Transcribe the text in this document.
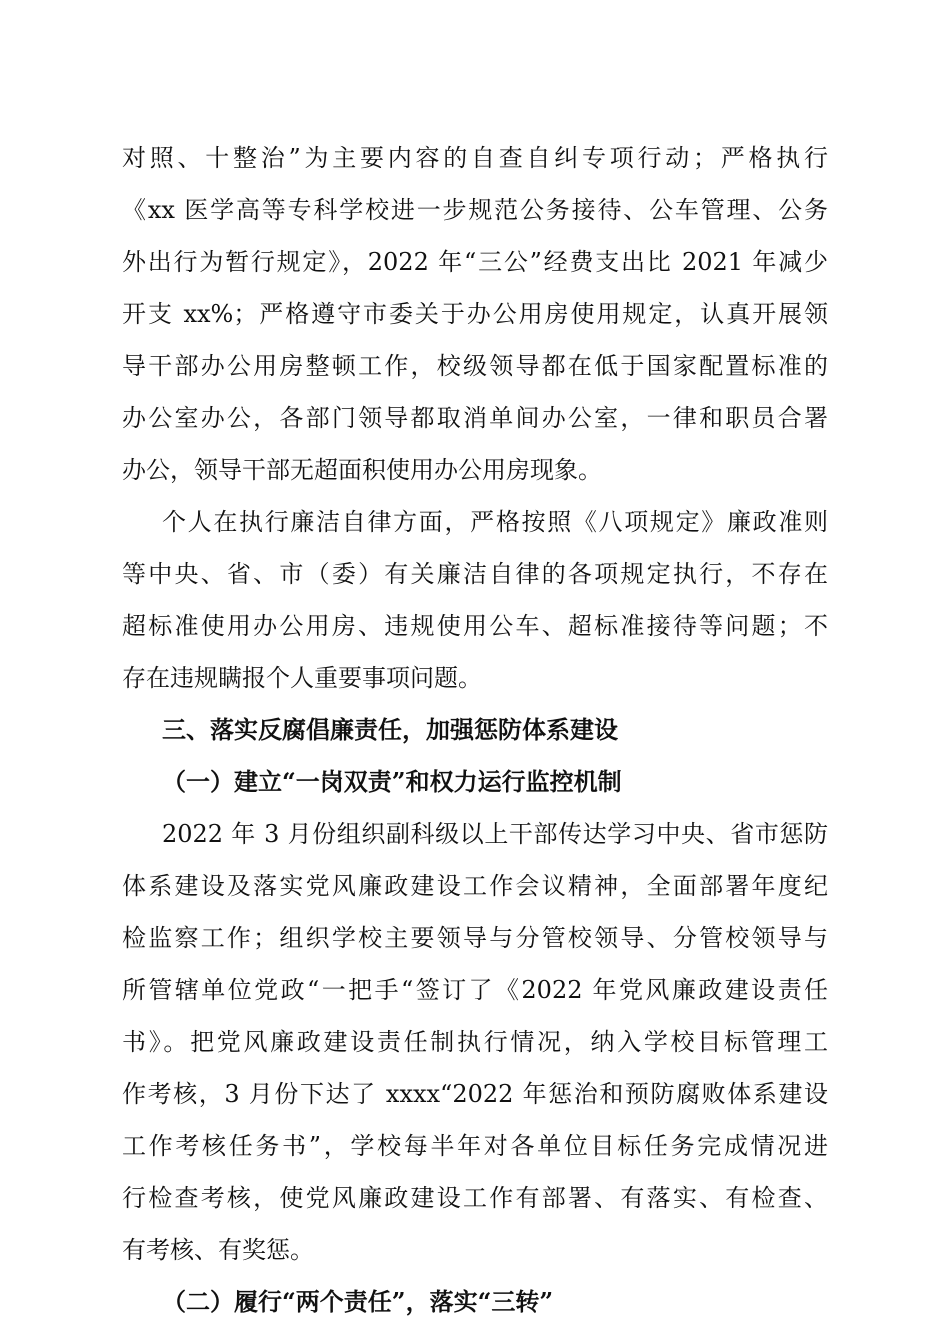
对照、十整治”为主要内容的自查自纠专项行动；严格执行
《xx 医学高等专科学校进一步规范公务接待、公车管理、公务
外出行为暂行规定》，2022 年“三公”经费支出比 2021 年减少
开支 xx%；严格遵守市委关于办公用房使用规定，认真开展领
导干部办公用房整顿工作，校级领导都在低于国家配置标准的
办公室办公，各部门领导都取消单间办公室，一律和职员合署
办公，领导干部无超面积使用办公用房现象。
个人在执行廉洁自律方面，严格按照《八项规定》廉政准则
等中央、省、市（委）有关廉洁自律的各项规定执行，不存在
超标准使用办公用房、违规使用公车、超标准接待等问题；不
存在违规瞒报个人重要事项问题。
三、落实反腐倡廉责任，加强惩防体系建设
（一）建立“一岗双责”和权力运行监控机制
2022 年 3 月份组织副科级以上干部传达学习中央、省市惩防
体系建设及落实党风廉政建设工作会议精神，全面部署年度纪
检监察工作；组织学校主要领导与分管校领导、分管校领导与
所管辖单位党政“一把手“签订了《2022 年党风廉政建设责任
书》。把党风廉政建设责任制执行情况，纳入学校目标管理工
作考核，3 月份下达了 xxxx“2022 年惩治和预防腐败体系建设
工作考核任务书”，学校每半年对各单位目标任务完成情况进
行检查考核，使党风廉政建设工作有部署、有落实、有检查、
有考核、有奖惩。
（二）履行“两个责任”，落实“三转”
